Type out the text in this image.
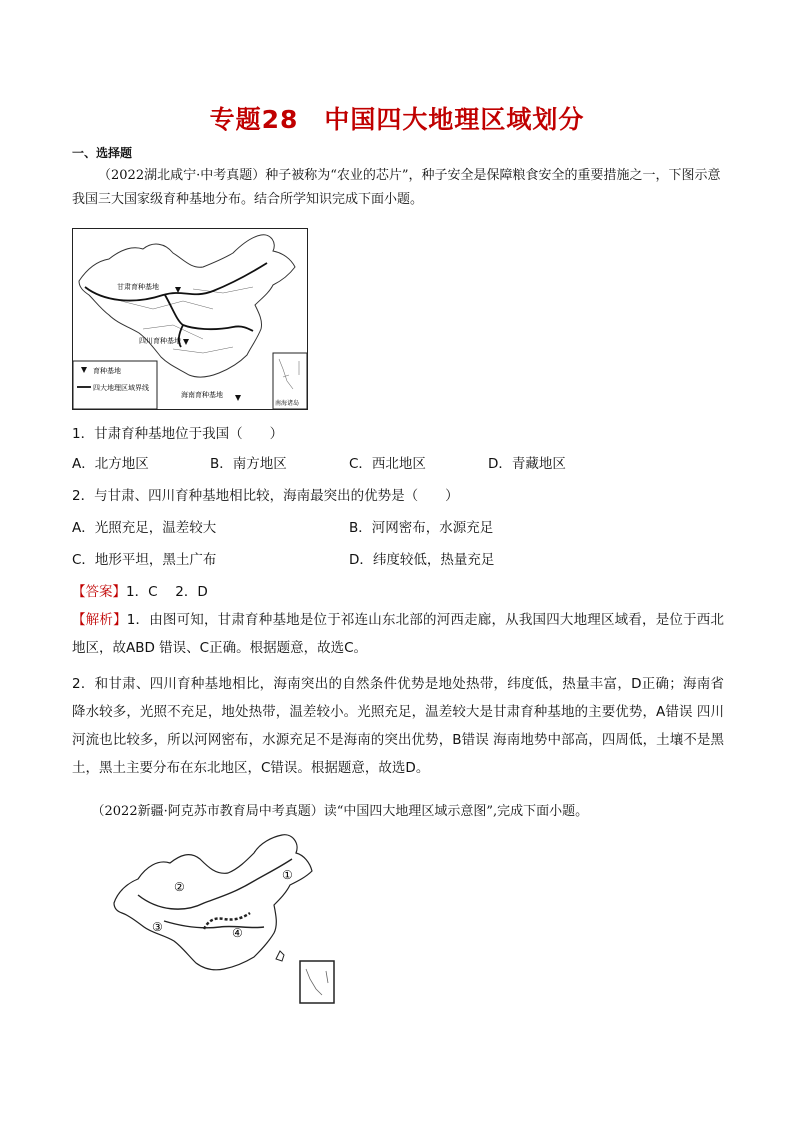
专题28　中国四大地理区域划分
一、选择题
（2022湖北咸宁·中考真题）种子被称为“农业的芯片”，种子安全是保障粮食安全的重要措施之一，下图示意我国三大国家级育种基地分布。结合所学知识完成下面小题。
甘肃育种基地
四川育种基地
海南育种基地
育种基地
四大地理区域界线
南海诸岛
1．甘肃育种基地位于我国（　　）
A．北方地区	B．南方地区	C．西北地区	D．青藏地区
2．与甘肃、四川育种基地相比较，海南最突出的优势是（　　）
A．光照充足，温差较大	B．河网密布，水源充足
C．地形平坦，黑土广布	D．纬度较低，热量充足
【答案】1．C　 2．D
【解析】1．由图可知，甘肃育种基地是位于祁连山东北部的河西走廊，从我国四大地理区域看，是位于西北地区，故ABD 错误、C正确。根据题意，故选C。
2．和甘肃、四川育种基地相比，海南突出的自然条件优势是地处热带，纬度低，热量丰富，D正确；海南省降水较多，光照不充足，地处热带，温差较小。光照充足，温差较大是甘肃育种基地的主要优势，A错误 四川河流也比较多，所以河网密布，水源充足不是海南的突出优势，B错误 海南地势中部高，四周低，土壤不是黑土，黑土主要分布在东北地区，C错误。根据题意，故选D。
（2022新疆·阿克苏市教育局中考真题）读“中国四大地理区域示意图”,完成下面小题。
①
②
③	④
